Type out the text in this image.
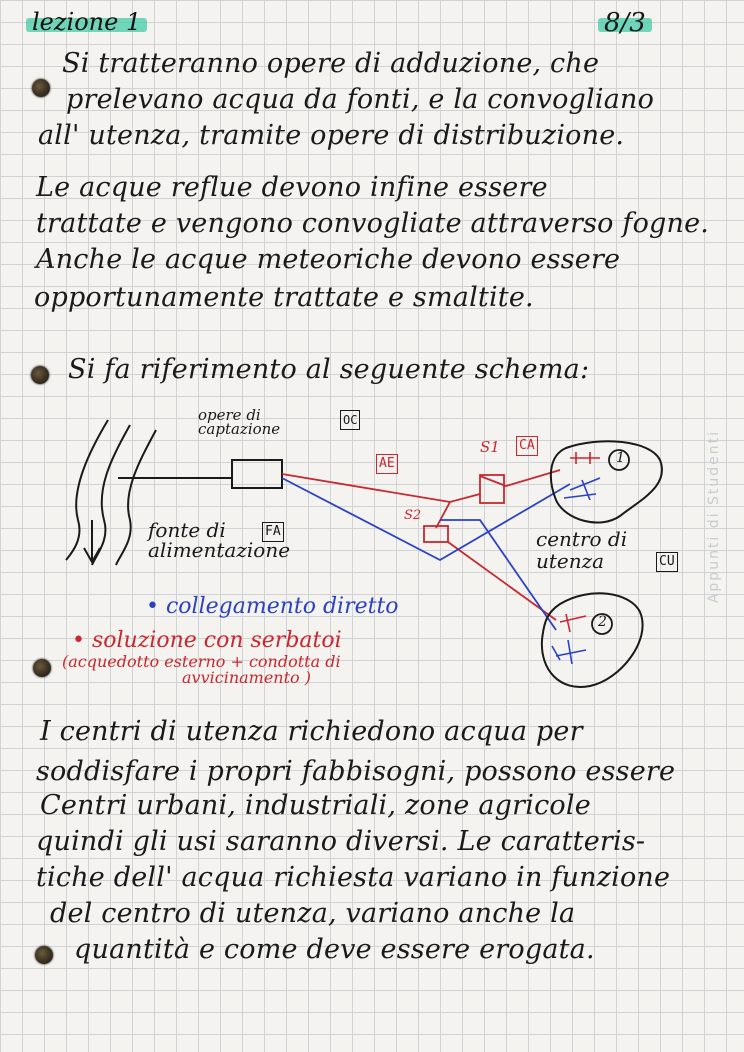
lezione 1	8/3
Si tratteranno opere di adduzione, che
prelevano acqua da fonti, e la convogliano
all' utenza, tramite opere di distribuzione.
Le acque reflue devono infine essere
trattate e vengono convogliate attraverso fogne.
Anche le acque meteoriche devono essere
opportunamente trattate e smaltite.
Si fa riferimento al seguente schema:
opere di
captazione	OC
fonte di
alimentazione
FA
AE
CA
S1
S2
1
2
centro di
utenza	CU
• collegamento diretto
• soluzione con serbatoi
(acquedotto esterno + condotta di
avvicinamento )
I centri di utenza richiedono acqua per
soddisfare i propri fabbisogni, possono essere
Centri urbani, industriali, zone agricole
quindi gli usi saranno diversi. Le caratteris-
tiche dell' acqua richiesta variano in funzione
del centro di utenza, variano anche la
quantità e come deve essere erogata.
Appunti di Studenti
